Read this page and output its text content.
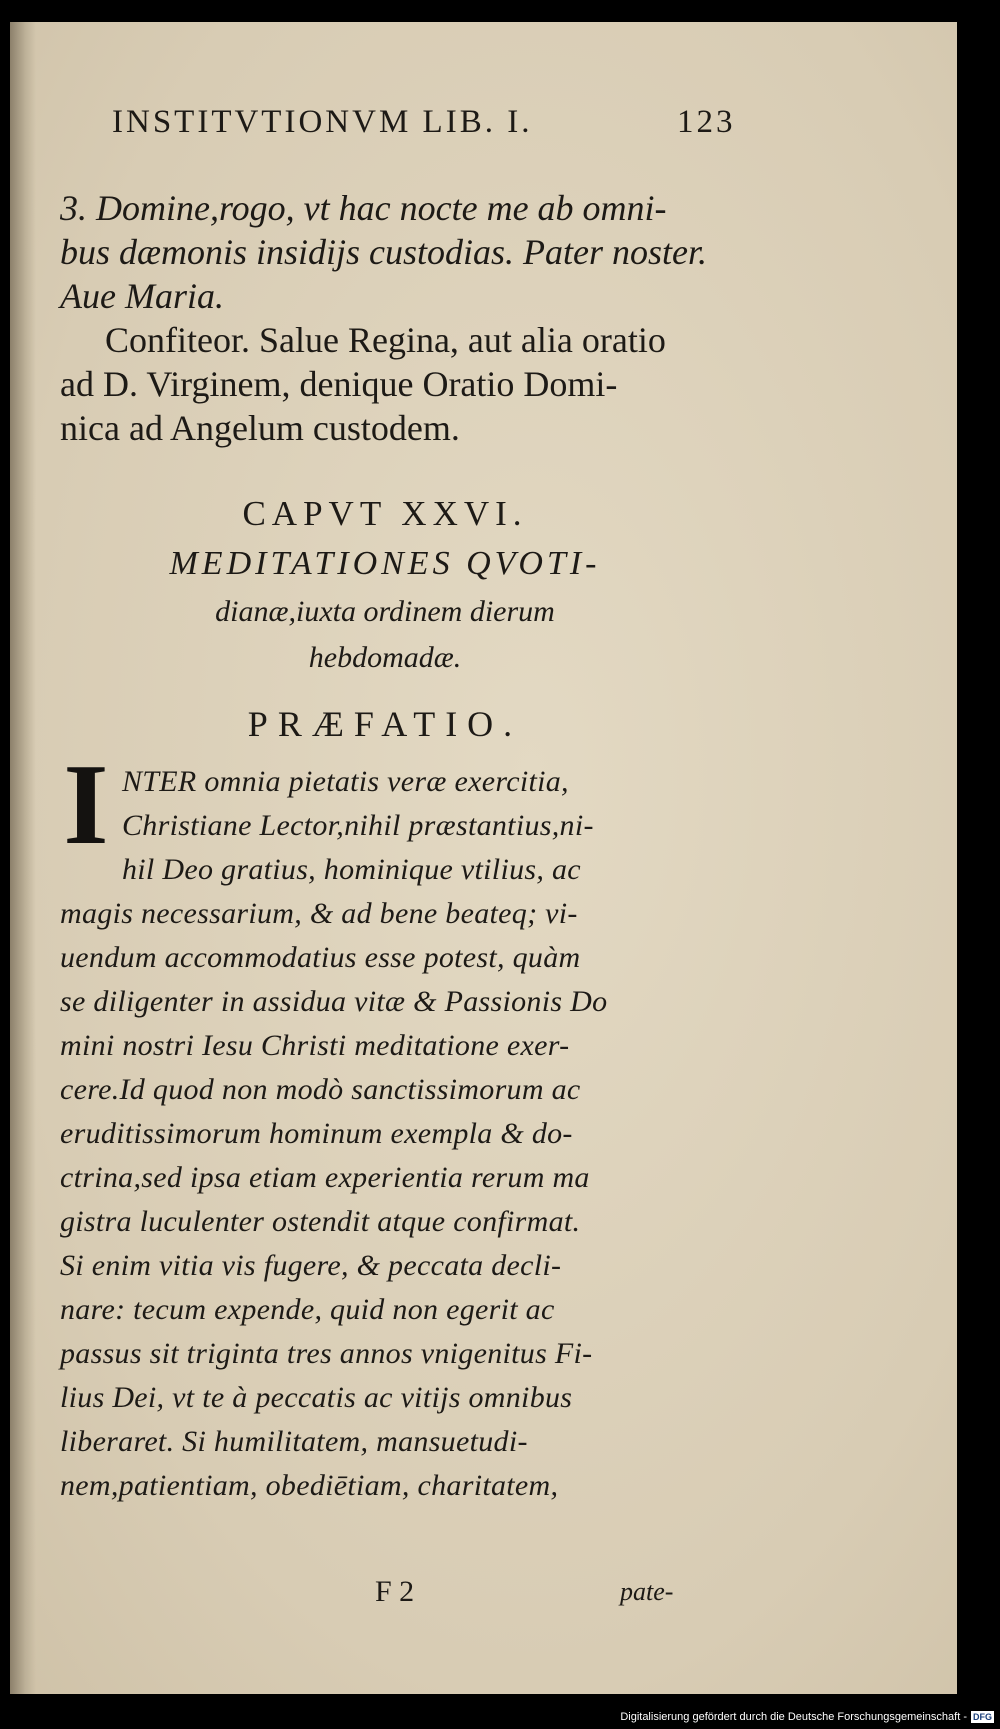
INSTITVTIONVM LIB. I.	123

3. Domine,rogo, vt hac nocte me ab omni-

bus dæmonis insidijs custodias. Pater noster.

Aue Maria.

Confiteor. Salue Regina, aut alia oratio

ad D. Virginem, denique Oratio Domi-

nica ad Angelum custodem.

CAPVT XXVI.

MEDITATIONES QVOTI-

dianæ,iuxta ordinem dierum

hebdomadæ.

PRÆFATIO.

I NTER omnia pietatis veræ exercitia,

Christiane Lector,nihil præstantius,ni-

hil Deo gratius, hominique vtilius, ac

magis necessarium, & ad bene beateq; vi-

uendum accommodatius esse potest, quàm

se diligenter in assidua vitæ & Passionis Do

mini nostri Iesu Christi meditatione exer-

cere.Id quod non modò sanctissimorum ac

eruditissimorum hominum exempla & do-

ctrina,sed ipsa etiam experientia rerum ma

gistra luculenter ostendit atque confirmat.

Si enim vitia vis fugere, & peccata decli-

nare: tecum expende, quid non egerit ac

passus sit triginta tres annos vnigenitus Fi-

lius Dei, vt te à peccatis ac vitijs omnibus

liberaret. Si humilitatem, mansuetudi-

nem,patientiam, obediētiam, charitatem,

F 2	pate-

Digitalisierung gefördert durch die Deutsche Forschungsgemeinschaft - DFG
